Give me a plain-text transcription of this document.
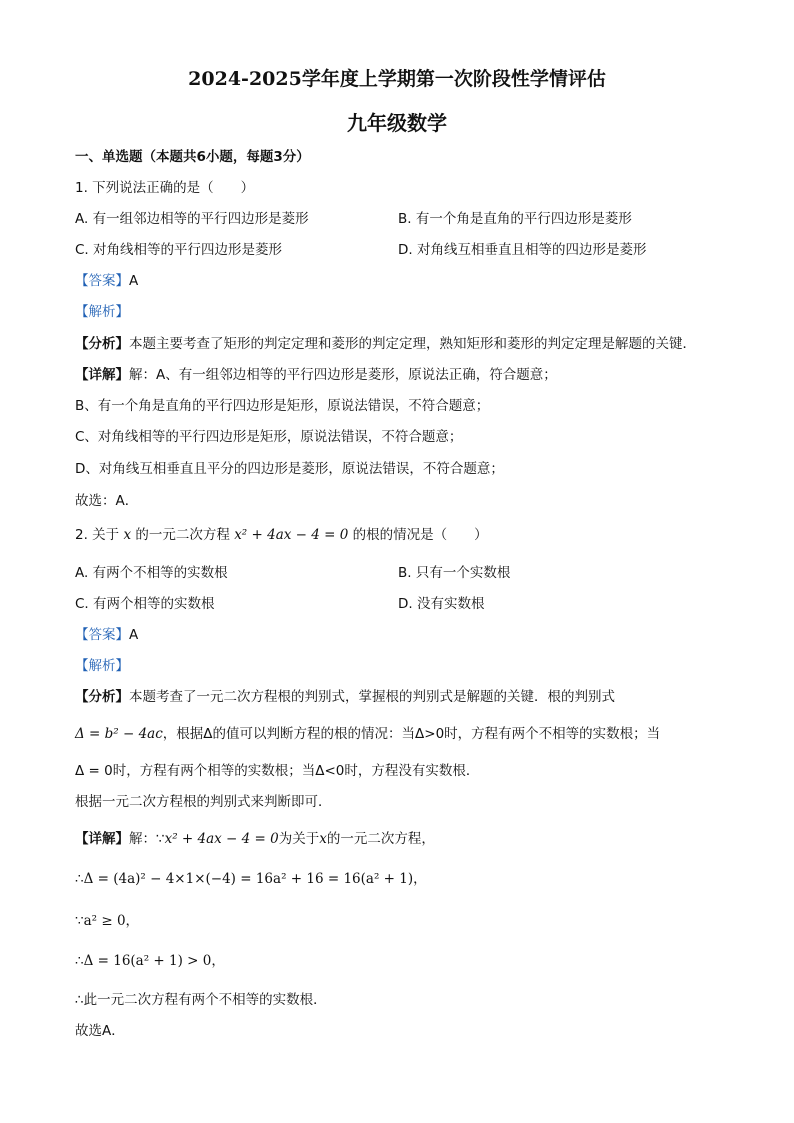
2024-2025学年度上学期第一次阶段性学情评估
九年级数学
一、单选题（本题共6小题，每题3分）
1. 下列说法正确的是（　　）
A. 有一组邻边相等的平行四边形是菱形	B. 有一个角是直角的平行四边形是菱形
C. 对角线相等的平行四边形是菱形	D. 对角线互相垂直且相等的四边形是菱形
【答案】A
【解析】
【分析】本题主要考查了矩形的判定定理和菱形的判定定理，熟知矩形和菱形的判定定理是解题的关键．
【详解】解：A、有一组邻边相等的平行四边形是菱形，原说法正确，符合题意；
B、有一个角是直角的平行四边形是矩形，原说法错误，不符合题意；
C、对角线相等的平行四边形是矩形，原说法错误，不符合题意；
D、对角线互相垂直且平分的四边形是菱形，原说法错误，不符合题意；
故选：A．
2. 关于 x 的一元二次方程 x² + 4ax − 4 = 0 的根的情况是（　　）
A. 有两个不相等的实数根	B. 只有一个实数根
C. 有两个相等的实数根	D. 没有实数根
【答案】A
【解析】
【分析】本题考查了一元二次方程根的判别式，掌握根的判别式是解题的关键．根的判别式
Δ = b² − 4ac，根据Δ的值可以判断方程的根的情况：当Δ>0时，方程有两个不相等的实数根；当
Δ = 0时，方程有两个相等的实数根；当Δ<0时，方程没有实数根．
根据一元二次方程根的判别式来判断即可．
【详解】解：∵x² + 4ax − 4 = 0为关于x的一元二次方程，
∴Δ = (4a)² − 4×1×(−4) = 16a² + 16 = 16(a² + 1)，
∵a² ≥ 0，
∴Δ = 16(a² + 1) > 0，
∴此一元二次方程有两个不相等的实数根．
故选A．
